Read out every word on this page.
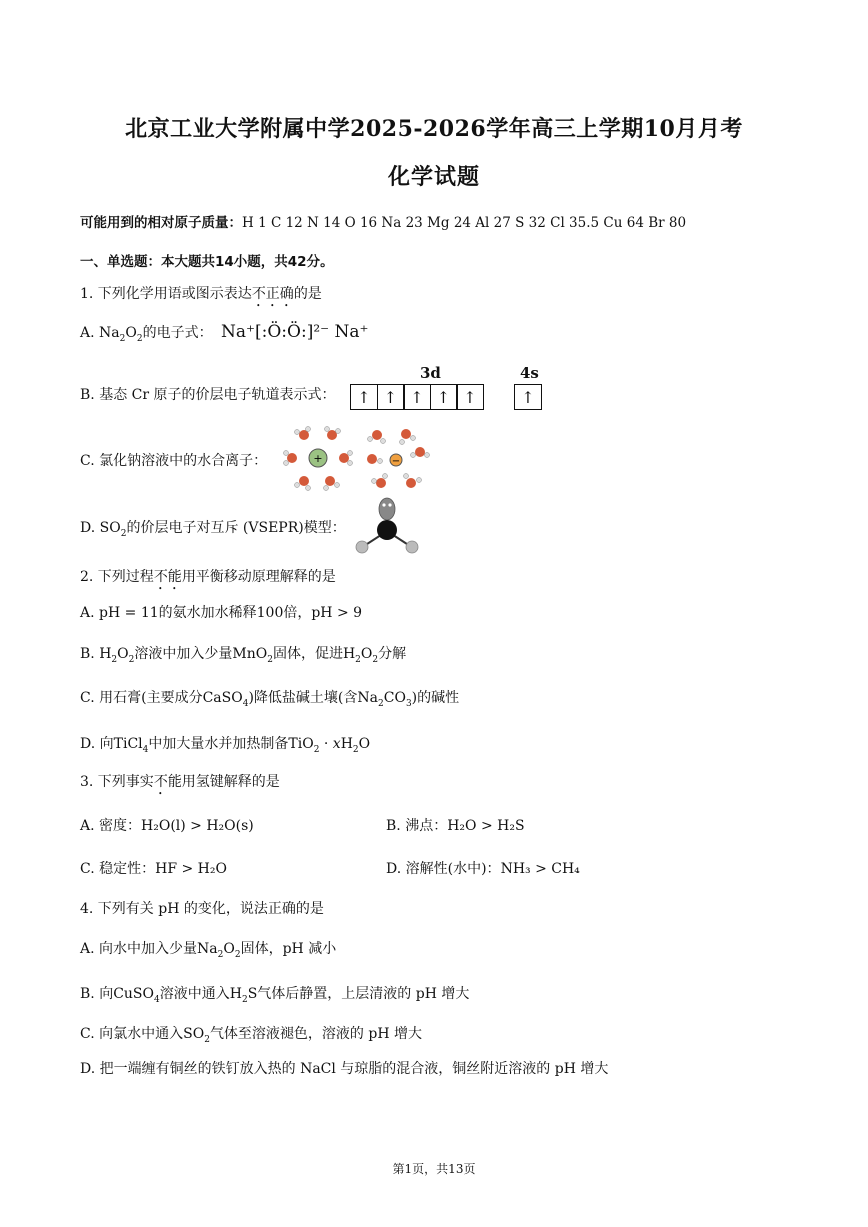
北京工业大学附属中学2025-2026学年高三上学期10月月考
化学试题
可能用到的相对原子质量：H 1 C 12 N 14 O 16 Na 23 Mg 24 Al 27 S 32 Cl 35.5 Cu 64 Br 80
一、单选题：本大题共14小题，共42分。
1. 下列化学用语或图示表达不正确的是
A. $Na_2O_2$的电子式： Na⁺[:Ö:Ö:]²⁻ Na⁺
3d	4s
B. 基态 Cr 原子的价层电子轨道表示式：	↑ ↑ ↑ ↑ ↑	↑
C. 氯化钠溶液中的水合离子：	+	−
D. $SO_2$的价层电子对互斥 (VSEPR)模型：
2. 下列过程不能用平衡移动原理解释的是
A. pH = 11的氨水加水稀释100倍，pH > 9
B. $H_2O_2$溶液中加入少量MnO$_2$固体，促进$H_2O_2$分解
C. 用石膏(主要成分CaSO$_4$)降低盐碱土壤(含$Na_2CO_3$)的碱性
D. 向TiCl$_4$中加大量水并加热制备$TiO_2 \cdot xH_2O$
3. 下列事实不能用氢键解释的是
A. 密度：H₂O(l) > H₂O(s)	B. 沸点：H₂O > H₂S
C. 稳定性：HF > H₂O	D. 溶解性(水中)：NH₃ > CH₄
4. 下列有关 pH 的变化，说法正确的是
A. 向水中加入少量$Na_2O_2$固体，pH 减小
B. 向CuSO$_4$溶液中通入$H_2S$气体后静置，上层清液的 pH 增大
C. 向氯水中通入$SO_2$气体至溶液褪色，溶液的 pH 增大
D. 把一端缠有铜丝的铁钉放入热的 NaCl 与琼脂的混合液，铜丝附近溶液的 pH 增大
第1页，共13页
